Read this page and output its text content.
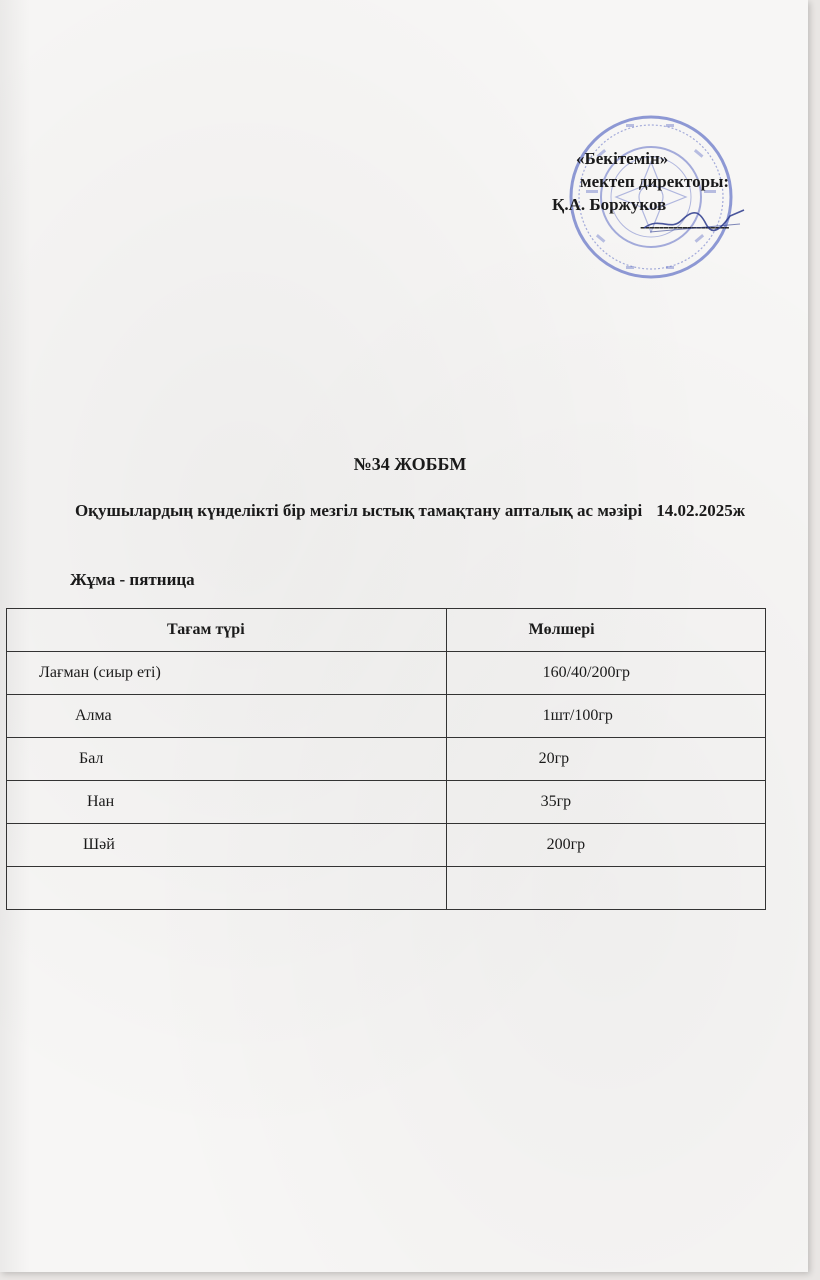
«Бекітемін»
мектеп директоры:
Қ.А. Боржуков
-------------------
№34 ЖОББМ
Оқушылардың күнделікті бір мезгіл ыстық тамақтану апталық ас мәзірі 14.02.2025ж
Жұма - пятница
Тағам түрі	Мөлшері
Лағман (сиыр еті)	160/40/200гр
Алма	1шт/100гр
Бал	20гр
Нан	35гр
Шәй	200гр
